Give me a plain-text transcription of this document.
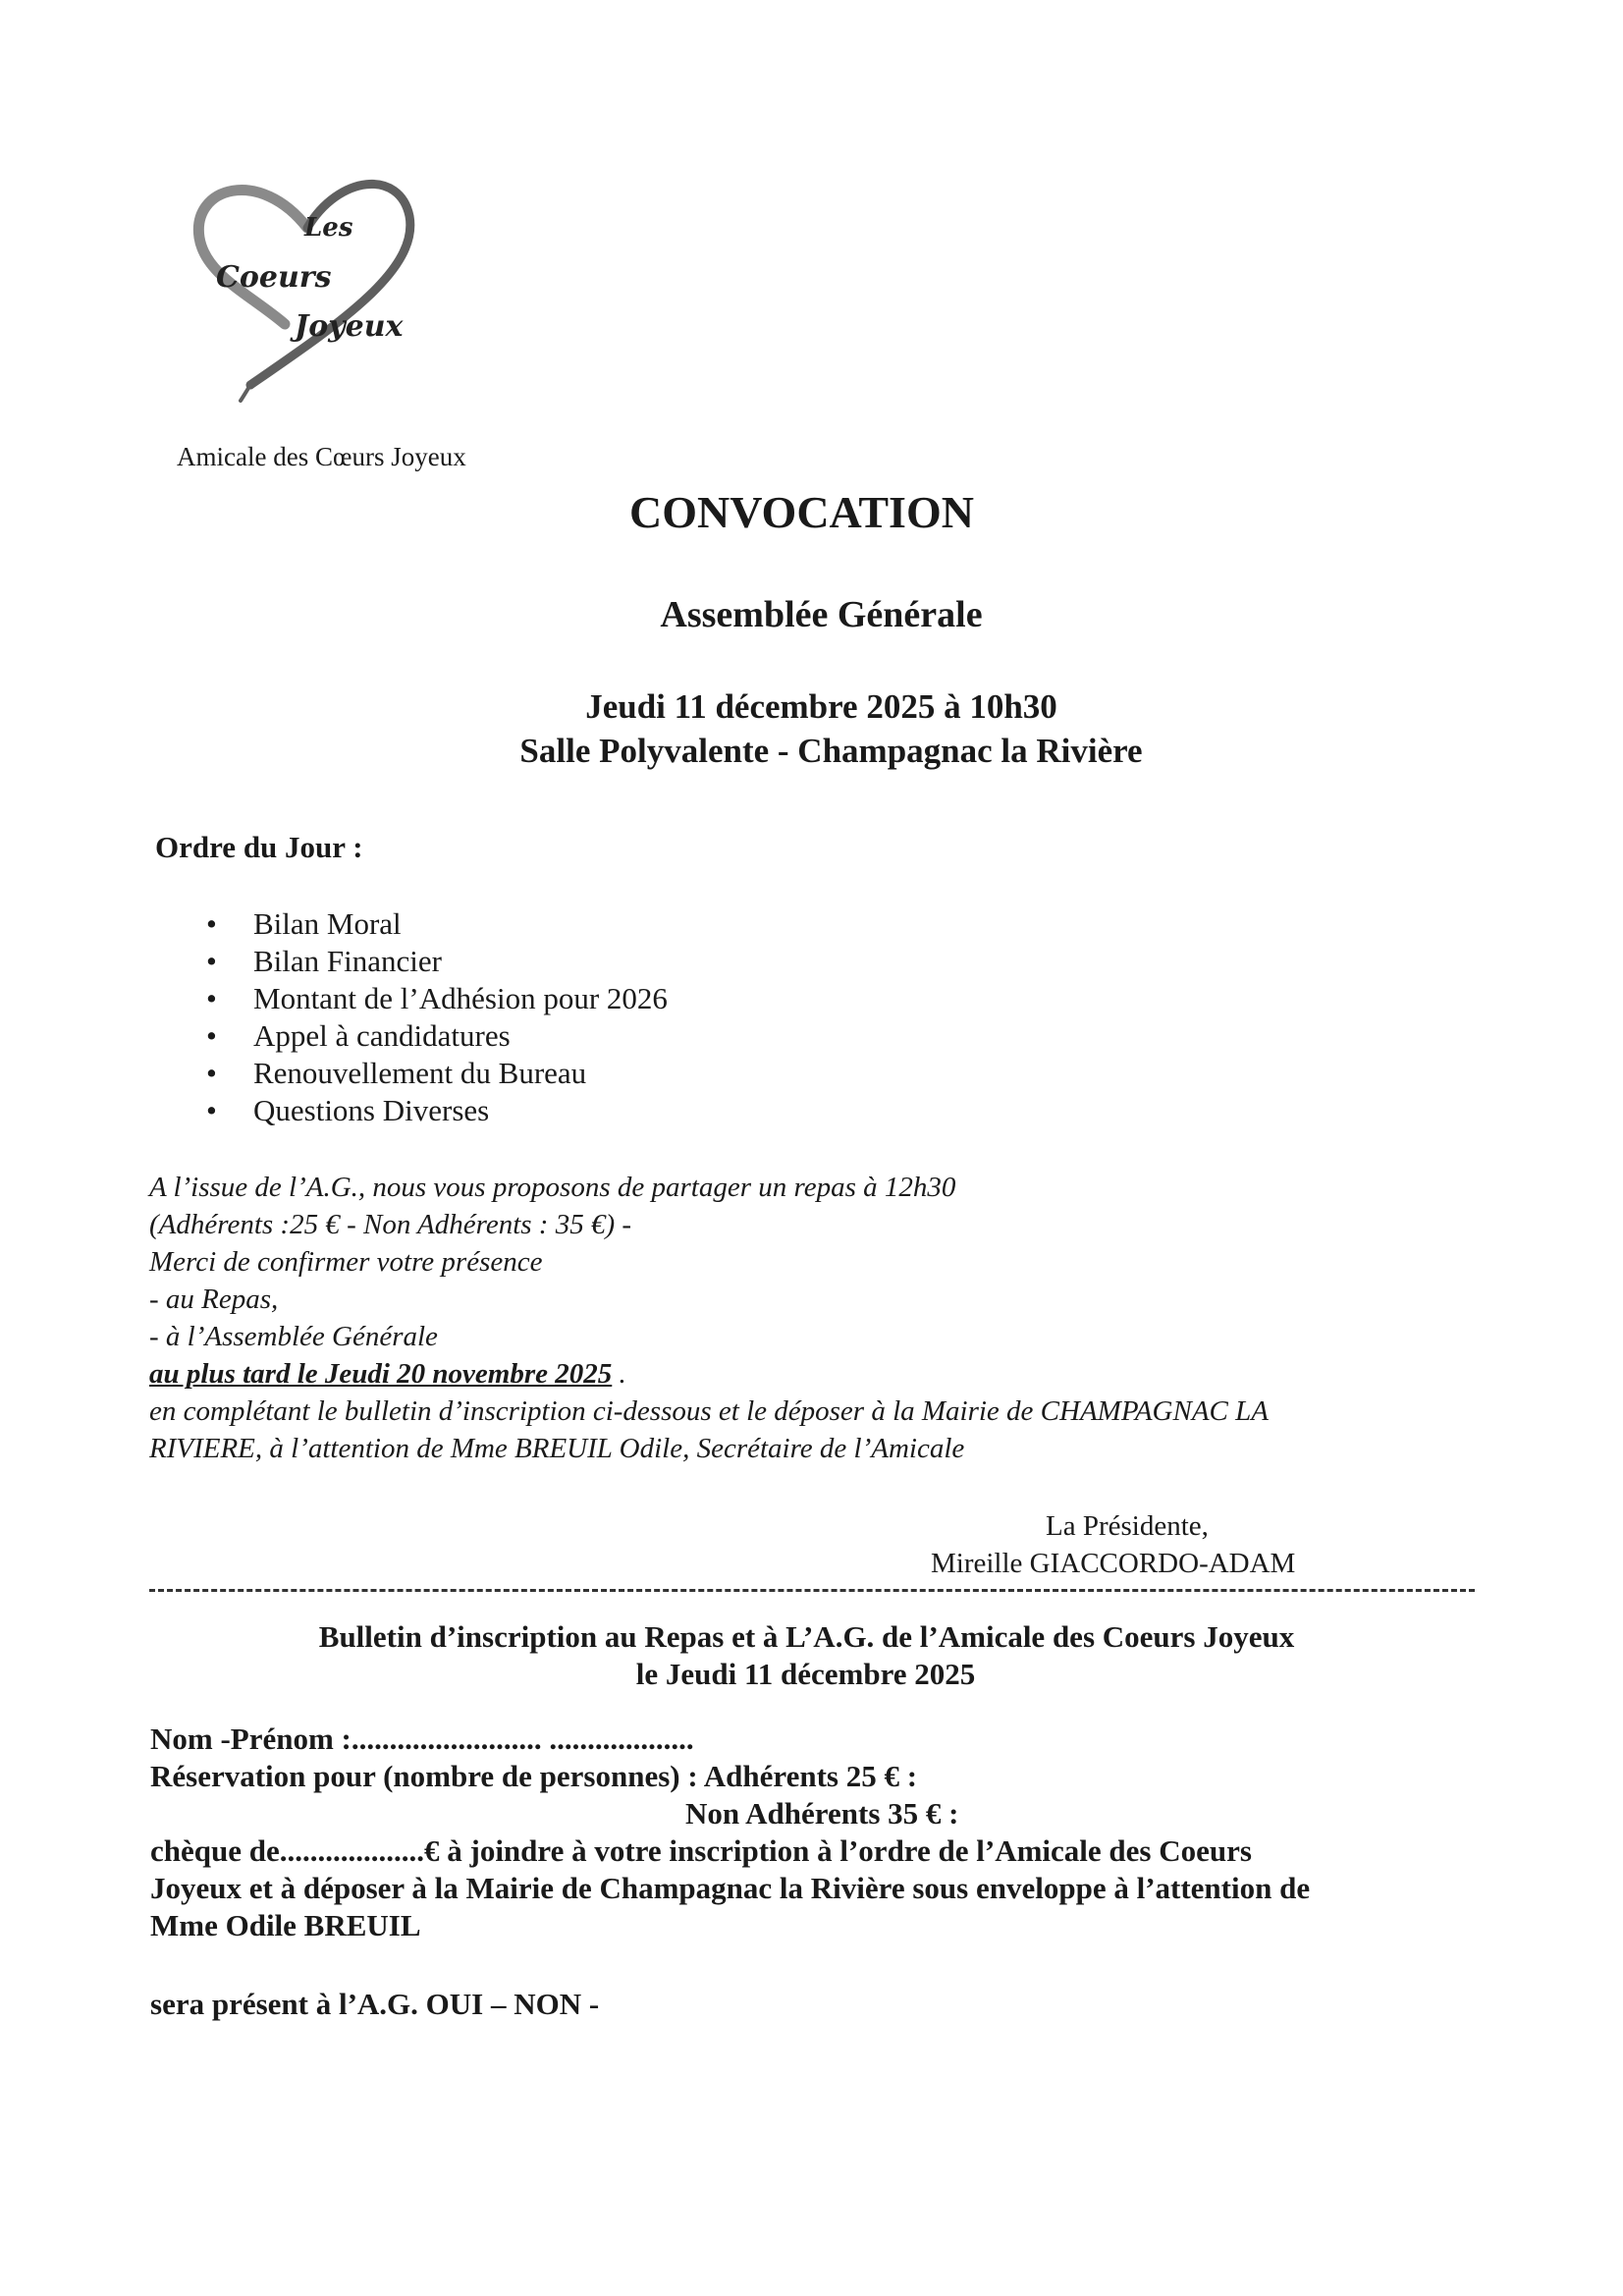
Les
Coeurs
Joyeux
Amicale des Cœurs Joyeux
CONVOCATION
Assemblée Générale
Jeudi 11 décembre 2025 à 10h30
Salle Polyvalente - Champagnac la Rivière
Ordre du Jour :
• Bilan Moral
• Bilan Financier
• Montant de l’Adhésion pour 2026
• Appel à candidatures
• Renouvellement du Bureau
• Questions Diverses
A l’issue de l’A.G., nous vous proposons de partager un repas à 12h30
(Adhérents :25 € - Non Adhérents : 35 €) -
Merci de confirmer votre présence
- au Repas,
- à l’Assemblée Générale
au plus tard le Jeudi 20 novembre 2025 .
en complétant le bulletin d’inscription ci-dessous et le déposer à la Mairie de CHAMPAGNAC LA
RIVIERE, à l’attention de Mme BREUIL Odile, Secrétaire de l’Amicale
La Présidente,
Mireille GIACCORDO-ADAM
Bulletin d’inscription au Repas et à L’A.G. de l’Amicale des Coeurs Joyeux
le Jeudi 11 décembre 2025
Nom -Prénom :......................... ...................
Réservation pour (nombre de personnes) : Adhérents 25 € :
Non Adhérents 35 € :
chèque de...................€ à joindre à votre inscription à l’ordre de l’Amicale des Coeurs
Joyeux et à déposer à la Mairie de Champagnac la Rivière sous enveloppe à l’attention de
Mme Odile BREUIL
sera présent à l’A.G. OUI – NON -
